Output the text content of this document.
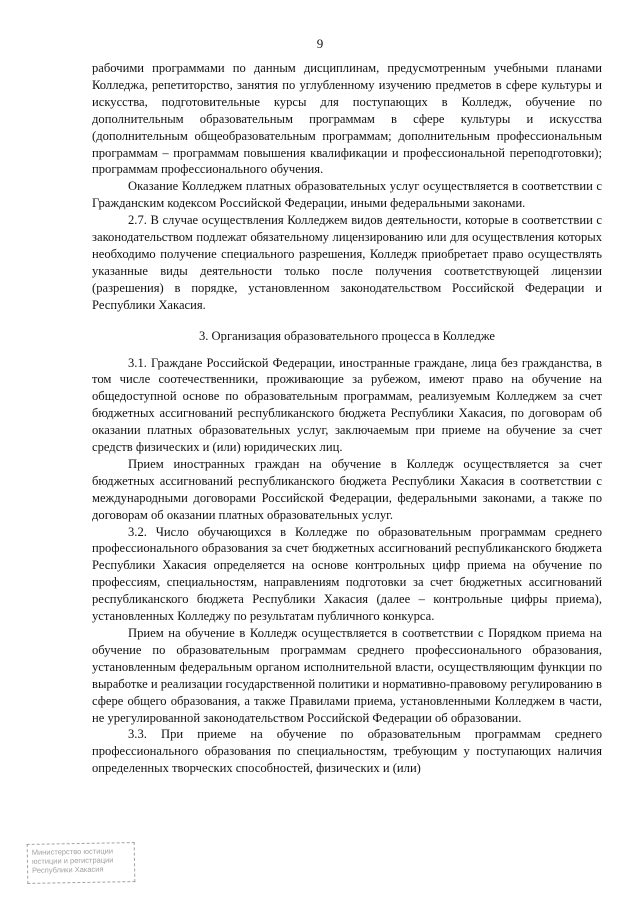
9

рабочими программами по данным дисциплинам, предусмотренным учебными планами Колледжа, репетиторство, занятия по углубленному изучению предметов в сфере культуры и искусства, подготовительные курсы для поступающих в Колледж, обучение по дополнительным образовательным программам в сфере культуры и искусства (дополнительным общеобразовательным программам; дополнительным профессиональным программам – программам повышения квалификации и профессиональной переподготовки); программам профессионального обучения.

Оказание Колледжем платных образовательных услуг осуществляется в соответствии с Гражданским кодексом Российской Федерации, иными федеральными законами.

2.7. В случае осуществления Колледжем видов деятельности, которые в соответствии с законодательством подлежат обязательному лицензированию или для осуществления которых необходимо получение специального разрешения, Колледж приобретает право осуществлять указанные виды деятельности только после получения соответствующей лицензии (разрешения) в порядке, установленном законодательством Российской Федерации и Республики Хакасия.

3. Организация образовательного процесса в Колледже

3.1. Граждане Российской Федерации, иностранные граждане, лица без гражданства, в том числе соотечественники, проживающие за рубежом, имеют право на обучение на общедоступной основе по образовательным программам, реализуемым Колледжем за счет бюджетных ассигнований республиканского бюджета Республики Хакасия, по договорам об оказании платных образовательных услуг, заключаемым при приеме на обучение за счет средств физических и (или) юридических лиц.

Прием иностранных граждан на обучение в Колледж осуществляется за счет бюджетных ассигнований республиканского бюджета Республики Хакасия в соответствии с международными договорами Российской Федерации, федеральными законами, а также по договорам об оказании платных образовательных услуг.

3.2. Число обучающихся в Колледже по образовательным программам среднего профессионального образования за счет бюджетных ассигнований республиканского бюджета Республики Хакасия определяется на основе контрольных цифр приема на обучение по профессиям, специальностям, направлениям подготовки за счет бюджетных ассигнований республиканского бюджета Республики Хакасия (далее – контрольные цифры приема), установленных Колледжу по результатам публичного конкурса.

Прием на обучение в Колледж осуществляется в соответствии с Порядком приема на обучение по образовательным программам среднего профессионального образования, установленным федеральным органом исполнительной власти, осуществляющим функции по выработке и реализации государственной политики и нормативно-правовому регулированию в сфере общего образования, а также Правилами приема, установленными Колледжем в части, не урегулированной законодательством Российской Федерации об образовании.

3.3. При приеме на обучение по образовательным программам среднего профессионального образования по специальностям, требующим у поступающих наличия определенных творческих способностей, физических и (или)

Министерство юстиции
юстиции и регистрации
Республики Хакасия
